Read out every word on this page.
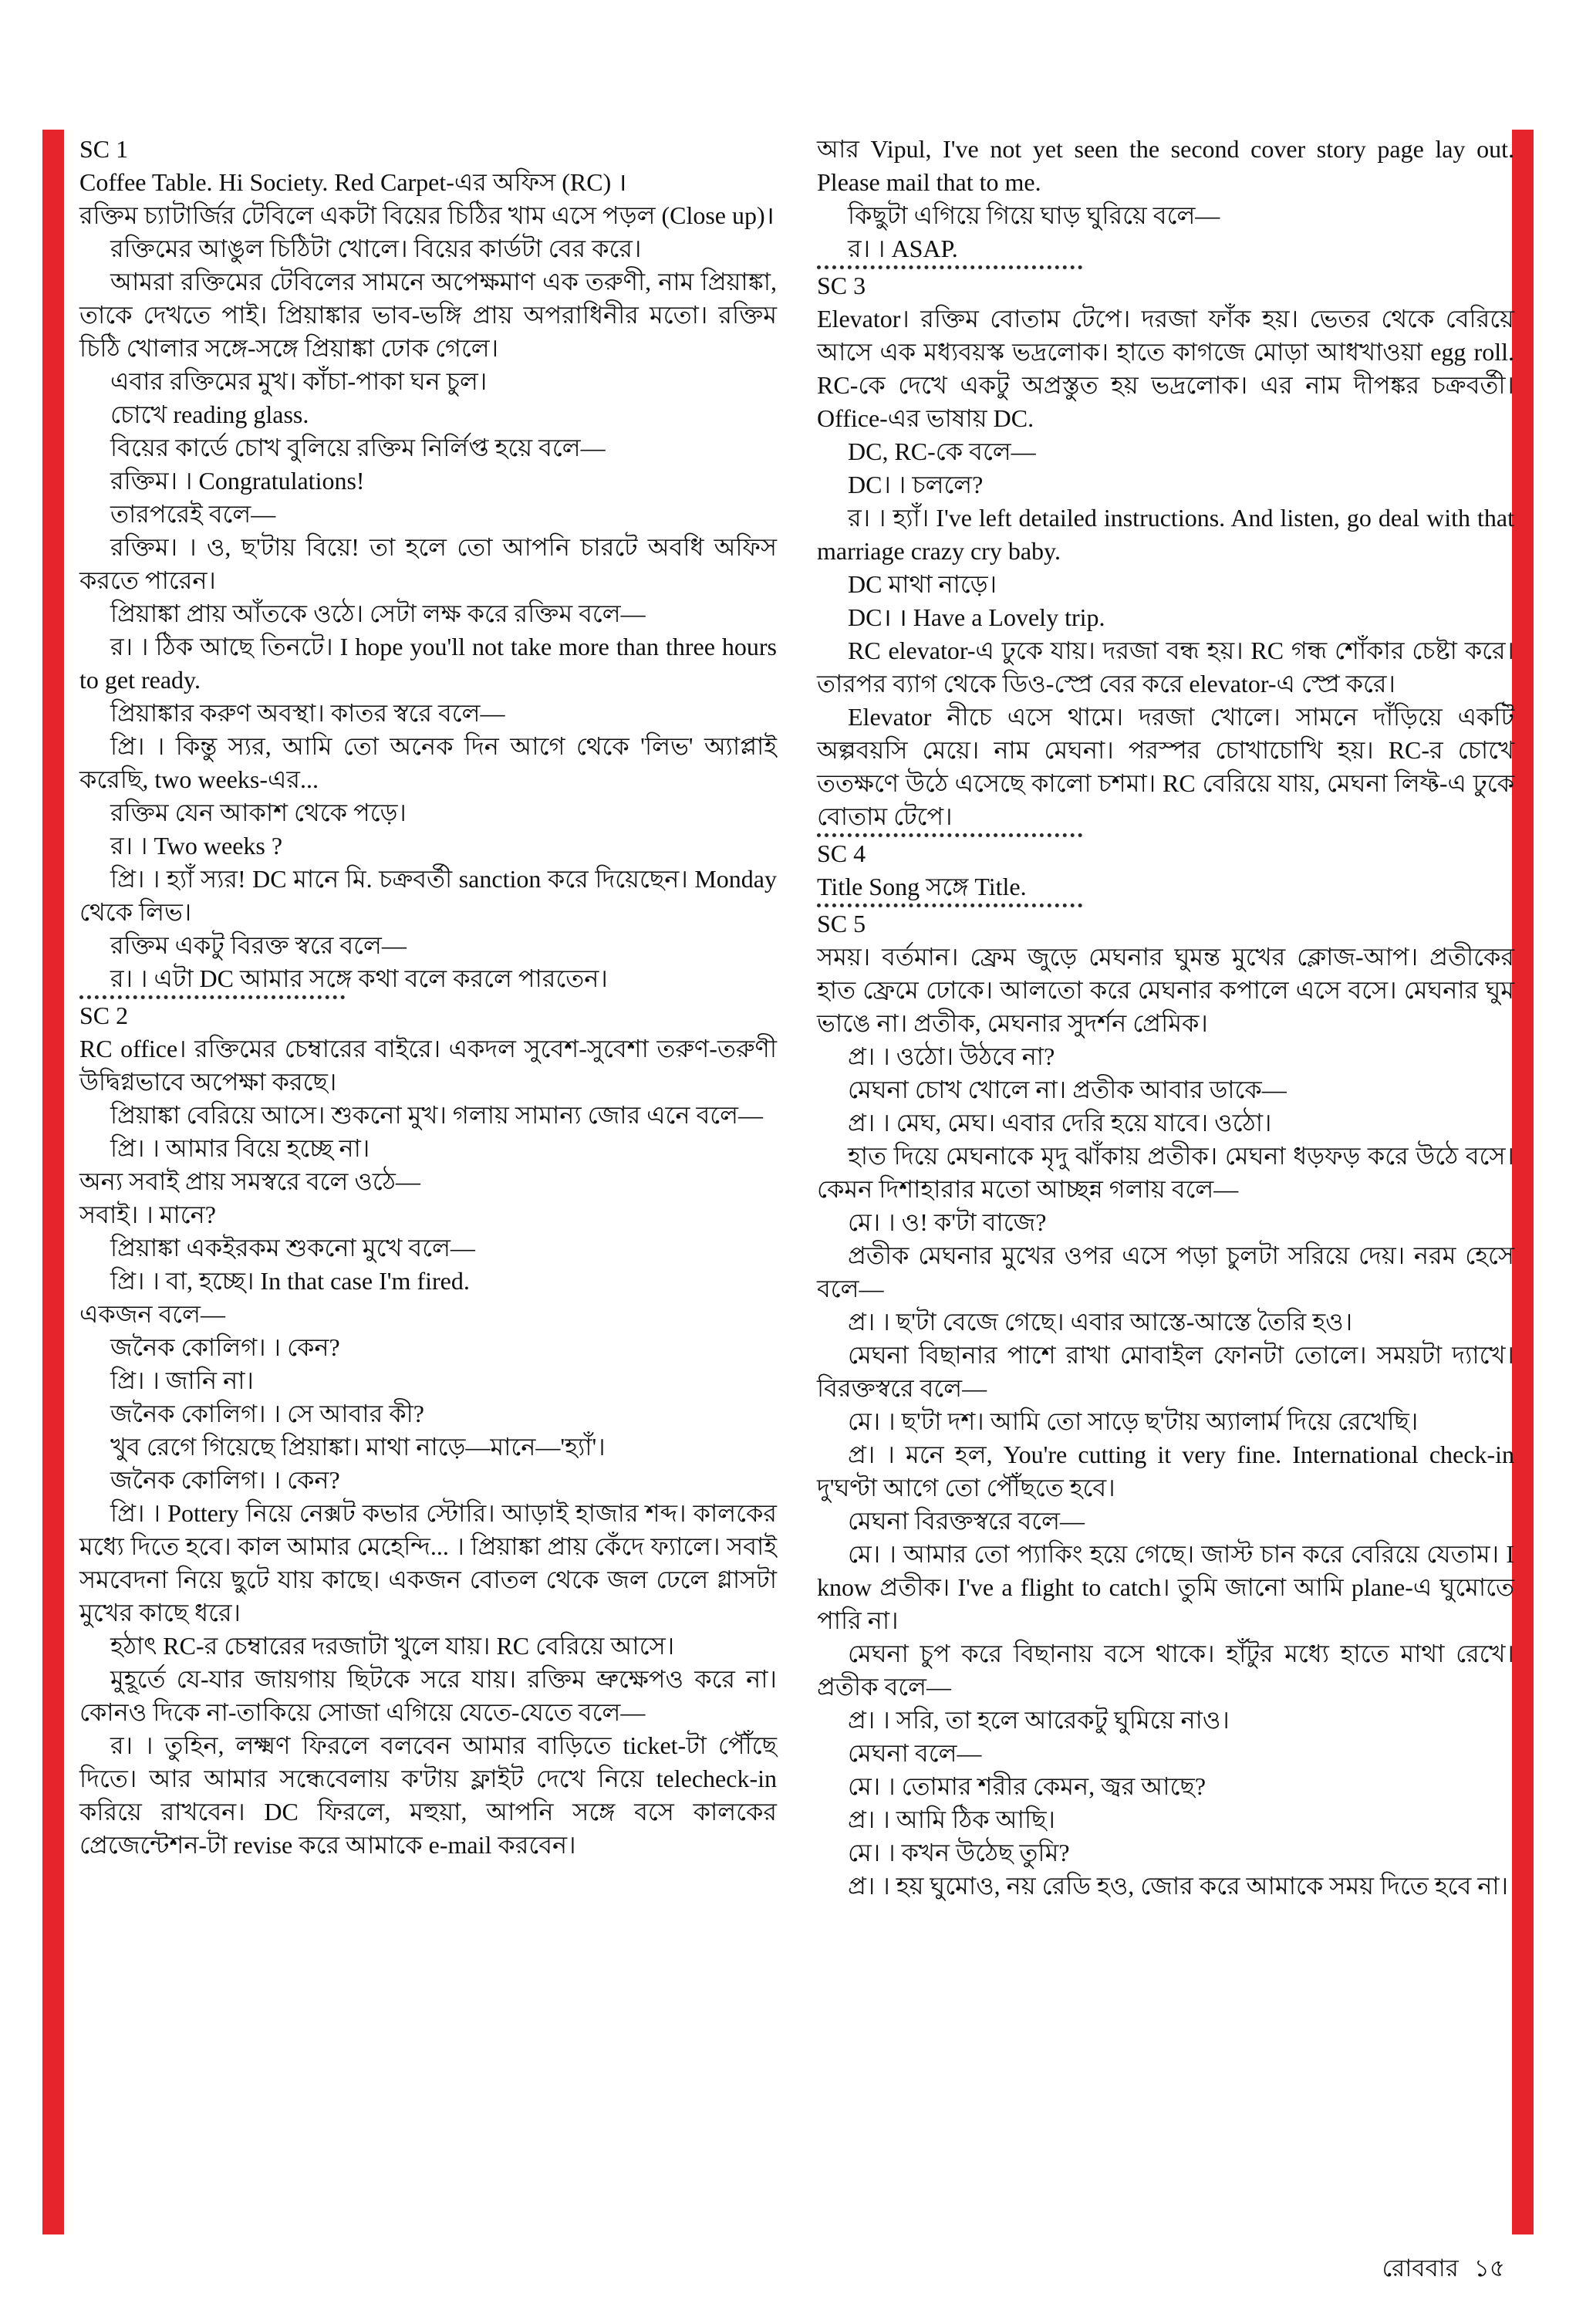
SC 1

Coffee Table. Hi Society. Red Carpet-এর অফিস (RC) ।

রক্তিম চ্যাটার্জির টেবিলে একটা বিয়ের চিঠির খাম এসে পড়ল (Close up)।

রক্তিমের আঙুল চিঠিটা খোলে। বিয়ের কার্ডটা বের করে।

আমরা রক্তিমের টেবিলের সামনে অপেক্ষমাণ এক তরুণী, নাম প্রিয়াঙ্কা, তাকে দেখতে পাই। প্রিয়াঙ্কার ভাব-ভঙ্গি প্রায় অপরাধিনীর মতো। রক্তিম চিঠি খোলার সঙ্গে-সঙ্গে প্রিয়াঙ্কা ঢোক গেলে।

এবার রক্তিমের মুখ। কাঁচা-পাকা ঘন চুল।

চোখে reading glass.

বিয়ের কার্ডে চোখ বুলিয়ে রক্তিম নির্লিপ্ত হয়ে বলে—

রক্তিম। । Congratulations!

তারপরেই বলে—

রক্তিম। । ও, ছ'টায় বিয়ে! তা হলে তো আপনি চারটে অবধি অফিস করতে পারেন।

প্রিয়াঙ্কা প্রায় আঁতকে ওঠে। সেটা লক্ষ করে রক্তিম বলে—

র। । ঠিক আছে তিনটে। I hope you'll not take more than three hours to get ready.

প্রিয়াঙ্কার করুণ অবস্থা। কাতর স্বরে বলে—

প্রি। । কিন্তু স্যর, আমি তো অনেক দিন আগে থেকে 'লিভ' অ্যাপ্লাই করেছি, two weeks-এর...

রক্তিম যেন আকাশ থেকে পড়ে।

র। । Two weeks ?

প্রি। । হ্যাঁ স্যর! DC মানে মি. চক্রবর্তী sanction করে দিয়েছেন। Monday থেকে লিভ।

রক্তিম একটু বিরক্ত স্বরে বলে—

র। । এটা DC আমার সঙ্গে কথা বলে করলে পারতেন।

SC 2

RC office। রক্তিমের চেম্বারের বাইরে। একদল সুবেশ-সুবেশা তরুণ-তরুণী উদ্বিগ্নভাবে অপেক্ষা করছে।

প্রিয়াঙ্কা বেরিয়ে আসে। শুকনো মুখ। গলায় সামান্য জোর এনে বলে—

প্রি। । আমার বিয়ে হচ্ছে না।

অন্য সবাই প্রায় সমস্বরে বলে ওঠে—

সবাই। । মানে?

প্রিয়াঙ্কা একইরকম শুকনো মুখে বলে—

প্রি। । বা, হচ্ছে। In that case I'm fired.

একজন বলে—

জনৈক কোলিগ। । কেন?

প্রি। । জানি না।

জনৈক কোলিগ। । সে আবার কী?

খুব রেগে গিয়েছে প্রিয়াঙ্কা। মাথা নাড়ে—মানে—'হ্যাঁ'।

জনৈক কোলিগ। । কেন?

প্রি। । Pottery নিয়ে নেক্সট কভার স্টোরি। আড়াই হাজার শব্দ। কালকের মধ্যে দিতে হবে। কাল আমার মেহেন্দি... । প্রিয়াঙ্কা প্রায় কেঁদে ফ্যালে। সবাই সমবেদনা নিয়ে ছুটে যায় কাছে। একজন বোতল থেকে জল ঢেলে গ্লাসটা মুখের কাছে ধরে।

হঠাৎ RC-র চেম্বারের দরজাটা খুলে যায়। RC বেরিয়ে আসে।

মুহূর্তে যে-যার জায়গায় ছিটকে সরে যায়। রক্তিম ভ্রুক্ষেপও করে না। কোনও দিকে না-তাকিয়ে সোজা এগিয়ে যেতে-যেতে বলে—

র। । তুহিন, লক্ষ্মণ ফিরলে বলবেন আমার বাড়িতে ticket-টা পৌঁছে দিতে। আর আমার সন্ধেবেলায় ক'টায় ফ্লাইট দেখে নিয়ে telecheck-in করিয়ে রাখবেন। DC ফিরলে, মহুয়া, আপনি সঙ্গে বসে কালকের প্রেজেন্টেশন-টা revise করে আমাকে e-mail করবেন।

আর Vipul, I've not yet seen the second cover story page lay out. Please mail that to me.

কিছুটা এগিয়ে গিয়ে ঘাড় ঘুরিয়ে বলে—

র। । ASAP.

SC 3

Elevator। রক্তিম বোতাম টেপে। দরজা ফাঁক হয়। ভেতর থেকে বেরিয়ে আসে এক মধ্যবয়স্ক ভদ্রলোক। হাতে কাগজে মোড়া আধখাওয়া egg roll. RC-কে দেখে একটু অপ্রস্তুত হয় ভদ্রলোক। এর নাম দীপঙ্কর চক্রবর্তী। Office-এর ভাষায় DC.

DC, RC-কে বলে—

DC। । চললে?

র। । হ্যাঁ। I've left detailed instructions. And listen, go deal with that marriage crazy cry baby.

DC মাথা নাড়ে।

DC। । Have a Lovely trip.

RC elevator-এ ঢুকে যায়। দরজা বন্ধ হয়। RC গন্ধ শোঁকার চেষ্টা করে। তারপর ব্যাগ থেকে ডিও-স্প্রে বের করে elevator-এ স্প্রে করে।

Elevator নীচে এসে থামে। দরজা খোলে। সামনে দাঁড়িয়ে একটি অল্পবয়সি মেয়ে। নাম মেঘনা। পরস্পর চোখাচোখি হয়। RC-র চোখে ততক্ষণে উঠে এসেছে কালো চশমা। RC বেরিয়ে যায়, মেঘনা লিফ্ট-এ ঢুকে বোতাম টেপে।

SC 4

Title Song সঙ্গে Title.

SC 5

সময়। বর্তমান। ফ্রেম জুড়ে মেঘনার ঘুমন্ত মুখের ক্লোজ-আপ। প্রতীকের হাত ফ্রেমে ঢোকে। আলতো করে মেঘনার কপালে এসে বসে। মেঘনার ঘুম ভাঙে না। প্রতীক, মেঘনার সুদর্শন প্রেমিক।

প্র। । ওঠো। উঠবে না?

মেঘনা চোখ খোলে না। প্রতীক আবার ডাকে—

প্র। । মেঘ, মেঘ। এবার দেরি হয়ে যাবে। ওঠো।

হাত দিয়ে মেঘনাকে মৃদু ঝাঁকায় প্রতীক। মেঘনা ধড়ফড় করে উঠে বসে। কেমন দিশাহারার মতো আচ্ছন্ন গলায় বলে—

মে। । ও! ক'টা বাজে?

প্রতীক মেঘনার মুখের ওপর এসে পড়া চুলটা সরিয়ে দেয়। নরম হেসে বলে—

প্র। । ছ'টা বেজে গেছে। এবার আস্তে-আস্তে তৈরি হও।

মেঘনা বিছানার পাশে রাখা মোবাইল ফোনটা তোলে। সময়টা দ্যাখে। বিরক্তস্বরে বলে—

মে। । ছ'টা দশ। আমি তো সাড়ে ছ'টায় অ্যালার্ম দিয়ে রেখেছি।

প্র। । মনে হল, You're cutting it very fine. International check-in দু'ঘণ্টা আগে তো পৌঁছতে হবে।

মেঘনা বিরক্তস্বরে বলে—

মে। । আমার তো প্যাকিং হয়ে গেছে। জাস্ট চান করে বেরিয়ে যেতাম। I know প্রতীক। I've a flight to catch। তুমি জানো আমি plane-এ ঘুমোতে পারি না।

মেঘনা চুপ করে বিছানায় বসে থাকে। হাঁটুর মধ্যে হাতে মাথা রেখে। প্রতীক বলে—

প্র। । সরি, তা হলে আরেকটু ঘুমিয়ে নাও।

মেঘনা বলে—

মে। । তোমার শরীর কেমন, জ্বর আছে?

প্র। । আমি ঠিক আছি।

মে। । কখন উঠেছ তুমি?

প্র। । হয় ঘুমোও, নয় রেডি হও, জোর করে আমাকে সময় দিতে হবে না।

রোববার ১৫
